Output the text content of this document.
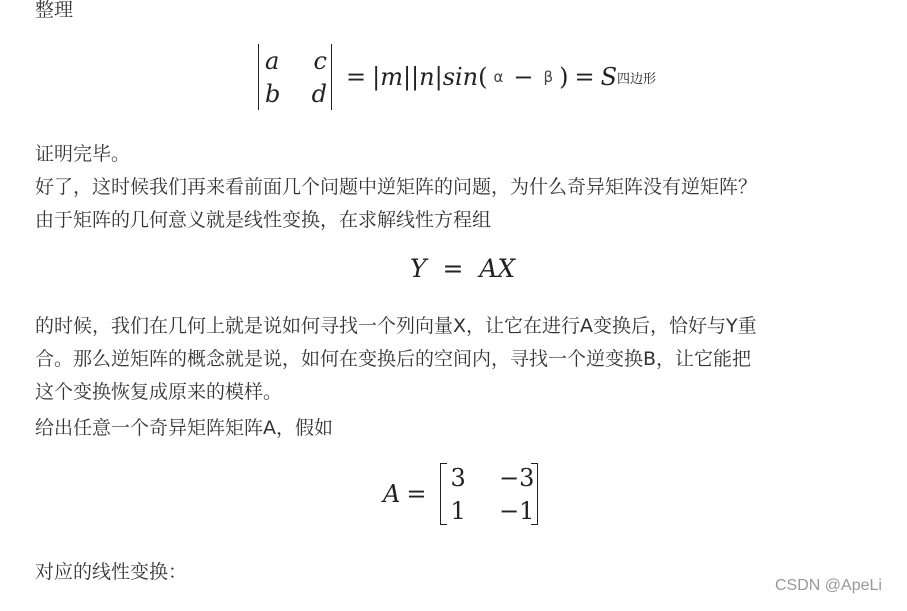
整理

a	c
b	d
= |m| |n| sin ( α − β ) = S 四边形

证明完毕。

好了，这时候我们再来看前面几个问题中逆矩阵的问题，为什么奇异矩阵没有逆矩阵？

由于矩阵的几何意义就是线性变换，在求解线性方程组

Y = AX

的时候，我们在几何上就是说如何寻找一个列向量X，让它在进行A变换后，恰好与Y重

合。那么逆矩阵的概念就是说，如何在变换后的空间内，寻找一个逆变换B，让它能把

这个变换恢复成原来的模样。

给出任意一个奇异矩阵矩阵A，假如

A =
3	−3
1	−1

对应的线性变换：

CSDN @ApeLi
